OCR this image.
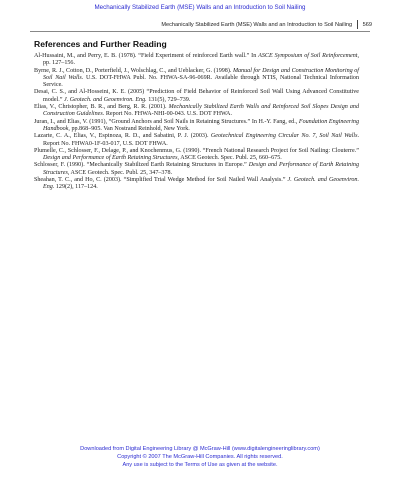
Mechanically Stabilized Earth (MSE) Walls and an Introduction to Soil Nailing
Mechanically Stabilized Earth (MSE) Walls and an Introduction to Soil Nailing 569
References and Further Reading

Al-Hussaini, M., and Perry, E. B. (1978). “Field Experiment of reinforced Earth wall.” In ASCE Symposium of Soil Reinforcement, pp. 127–156.

Byrne, R. J., Cotton, D., Porterfield, J., Wolschlag, C., and Ueblacker, G. (1998). Manual for Design and Construction Monitoring of Soil Nail Walls. U.S. DOT-FHWA Publ. No. FHWA-SA-96-069R. Available through NTIS, National Technical Information Service.

Desai, C. S., and Al-Hosseini, K. E. (2005) “Prediction of Field Behavior of Reinforced Soil Wall Using Advanced Constitutive model.” J. Geotech. and Geoenviron. Eng. 131(5), 729–739.

Elias, V., Christopher, B. R., and Berg, R. R. (2001). Mechanically Stabilized Earth Walls and Reinforced Soil Slopes Design and Construction Guidelines. Report No. FHWA-NHI-00-043. U.S. DOT FHWA.

Juran, I., and Elias, V. (1991), “Ground Anchors and Soil Nails in Retaining Structures.” In H.-Y. Fang, ed., Foundation Engineering Handbook, pp.868–905. Van Nostrand Reinhold, New York.

Lazarte, C. A., Elias, V., Espinoza, R. D., and Sabatini, P. J. (2003). Geotechnical Engineering Circular No. 7, Soil Nail Walls. Report No. FHWA0-1F-03-017, U.S. DOT FHWA.

Plumelle, C., Schlosser, F., Delage, P., and Knochenmus, G. (1990). “French National Research Project for Soil Nailing: Clouterre.” Design and Performance of Earth Retaining Structures, ASCE Geotech. Spec. Publ. 25, 660–675.

Schlosser, F. (1990). “Mechanically Stabilized Earth Retaining Structures in Europe.” Design and Performance of Earth Retaining Structures, ASCE Geotech. Spec. Publ. 25, 347–378.

Sheahan, T. C., and Ho, C. (2003). “Simplified Trial Wedge Method for Soil Nailed Wall Analysis.” J. Geotech. and Geoenviron. Eng. 129(2), 117–124.

Downloaded from Digital Engineering Library @ McGraw-Hill (www.digitalengineeringlibrary.com)
Copyright © 2007 The McGraw-Hill Companies. All rights reserved.
Any use is subject to the Terms of Use as given at the website.
